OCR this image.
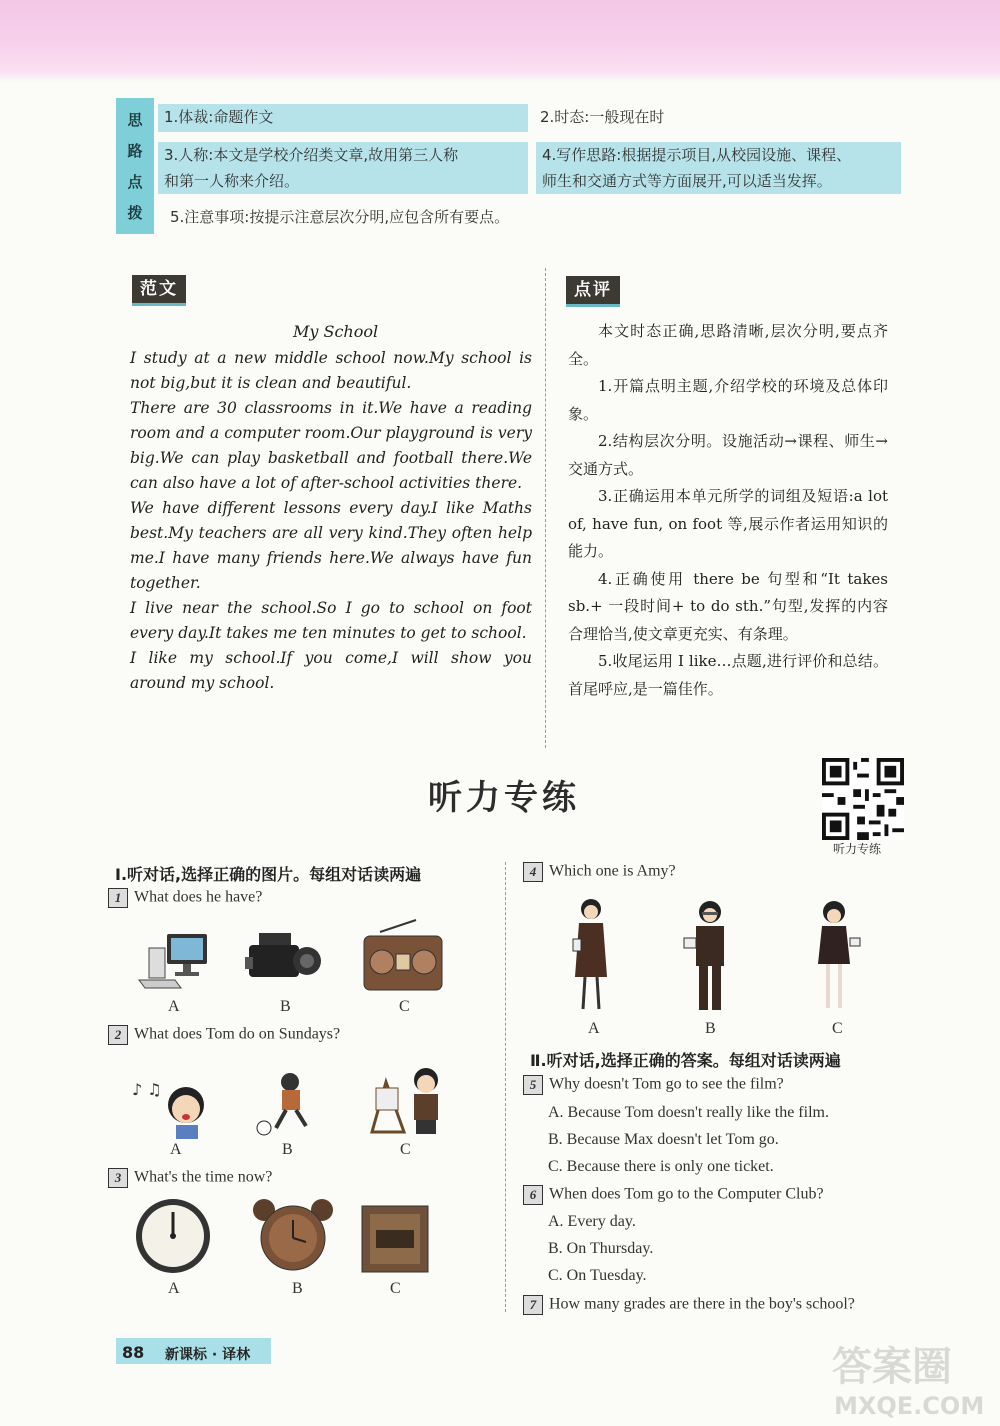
思
路
点
拨
1.体裁:命题作文	2.时态:一般现在时
3.人称:本文是学校介绍类文章,故用第三人称
和第一人称来介绍。
4.写作思路:根据提示项目,从校园设施、课程、
师生和交通方式等方面展开,可以适当发挥。
5.注意事项:按提示注意层次分明,应包含所有要点。
范文
My School

I study at a new middle school now.My school is not big,but it is clean and beautiful.

There are 30 classrooms in it.We have a reading room and a computer room.Our playground is very big.We can play basketball and football there.We can also have a lot of after-school activities there.

We have different lessons every day.I like Maths best.My teachers are all very kind.They often help me.I have many friends here.We always have fun together.

I live near the school.So I go to school on foot every day.It takes me ten minutes to get to school.

I like my school.If you come,I will show you around my school.

点评

本文时态正确,思路清晰,层次分明,要点齐全。

1.开篇点明主题,介绍学校的环境及总体印象。

2.结构层次分明。设施活动→课程、师生→交通方式。

3.正确运用本单元所学的词组及短语:a lot of, have fun, on foot 等,展示作者运用知识的能力。

4.正确使用 there be 句型和“It takes sb.+ 一段时间+ to do sth.”句型,发挥的内容合理恰当,使文章更充实、有条理。

5.收尾运用 I like…点题,进行评价和总结。首尾呼应,是一篇佳作。

听力专练
听力专练
Ⅰ.听对话,选择正确的图片。每组对话读两遍
1 What does he have?
A	B	C
2 What does Tom do on Sundays?
♪ ♫
A	B	C
3 What's the time now?
A	B	C
4 Which one is Amy?
A	B	C
Ⅱ.听对话,选择正确的答案。每组对话读两遍
5 Why doesn't Tom go to see the film?
A. Because Tom doesn't really like the film.
B. Because Max doesn't let Tom go.
C. Because there is only one ticket.
6 When does Tom go to the Computer Club?
A. Every day.
B. On Thursday.
C. On Tuesday.
7 How many grades are there in the boy's school?
88 新课标 · 译林	答案圈
MXQE.COM
